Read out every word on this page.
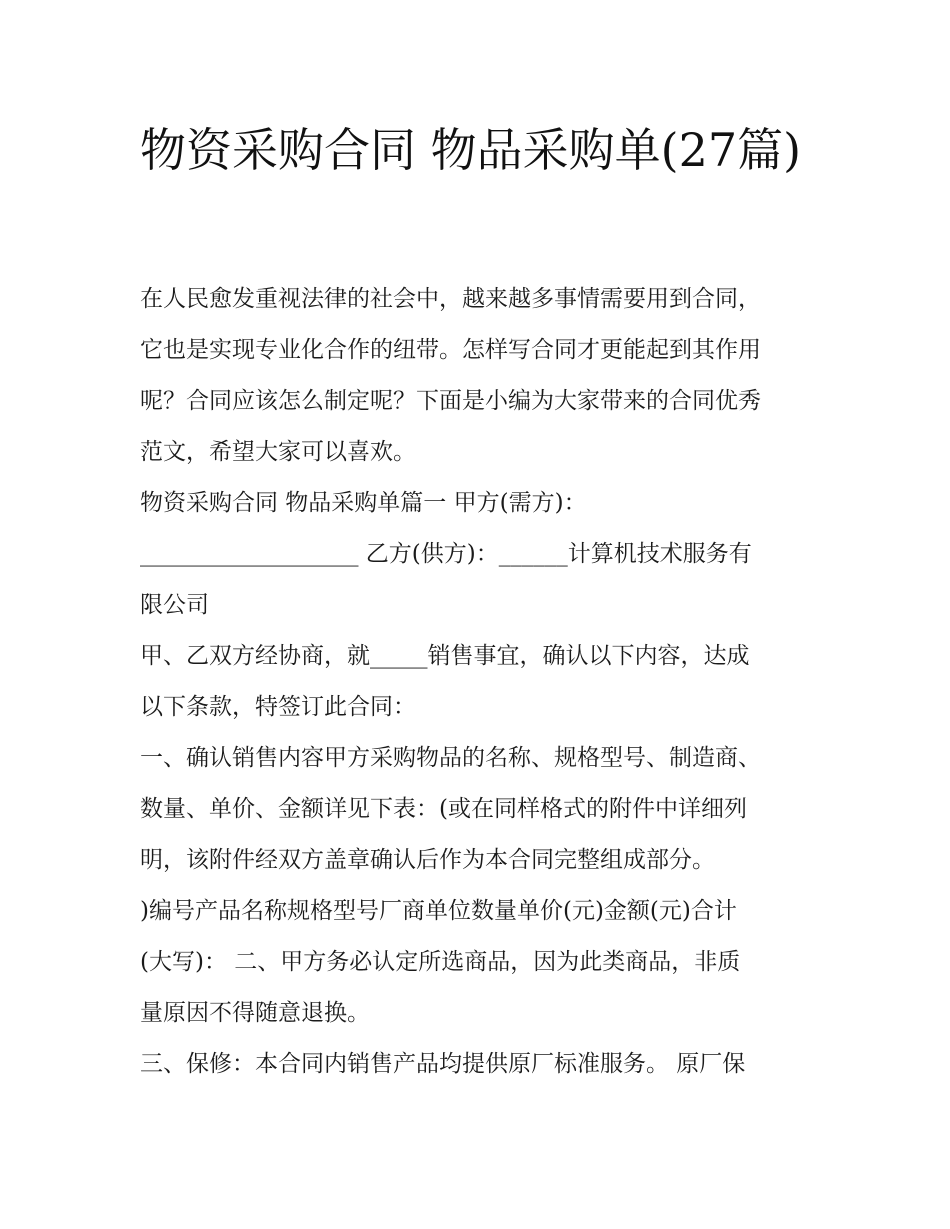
物资采购合同 物品采购单(27篇)
在人民愈发重视法律的社会中，越来越多事情需要用到合同，
它也是实现专业化合作的纽带。怎样写合同才更能起到其作用
呢？合同应该怎么制定呢？下面是小编为大家带来的合同优秀
范文，希望大家可以喜欢。
物资采购合同 物品采购单篇一 甲方(需方)：
___________________ 乙方(供方)：______计算机技术服务有
限公司
甲、乙双方经协商，就_____销售事宜，确认以下内容，达成
以下条款，特签订此合同：
一、确认销售内容甲方采购物品的名称、规格型号、制造商、
数量、单价、金额详见下表：(或在同样格式的附件中详细列
明，该附件经双方盖章确认后作为本合同完整组成部分。
)编号产品名称规格型号厂商单位数量单价(元)金额(元)合计
(大写)： 二、甲方务必认定所选商品，因为此类商品，非质
量原因不得随意退换。
三、保修：本合同内销售产品均提供原厂标准服务。 原厂保
